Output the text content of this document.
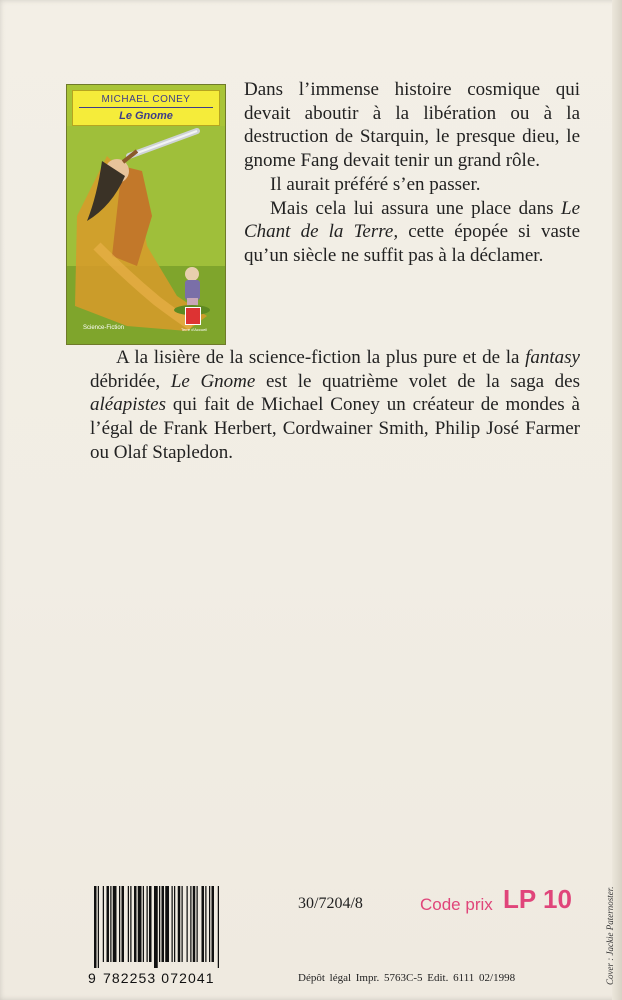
MICHAEL CONEY
Le Gnome
Terre d'Accueil
Science-Fiction

Dans l’immense histoire cosmique qui devait aboutir à la libération ou à la destruction de Starquin, le presque dieu, le gnome Fang devait tenir un grand rôle.

Il aurait préféré s’en passer.

Mais cela lui assura une place dans Le Chant de la Terre, cette épopée si vaste qu’un siècle ne suffit pas à la déclamer.

A la lisière de la science-fiction la plus pure et de la fantasy débridée, Le Gnome est le quatrième volet de la saga des aléapistes qui fait de Michael Coney un créateur de mondes à l’égal de Frank Herbert, Cordwainer Smith, Philip José Farmer ou Olaf Stapledon.

9 782253 072041
30/7204/8	Code prix LP 10
Dépôt légal Impr. 5763C-5 Edit. 6111 02/1998	Cover : Jackie Paternoster.
